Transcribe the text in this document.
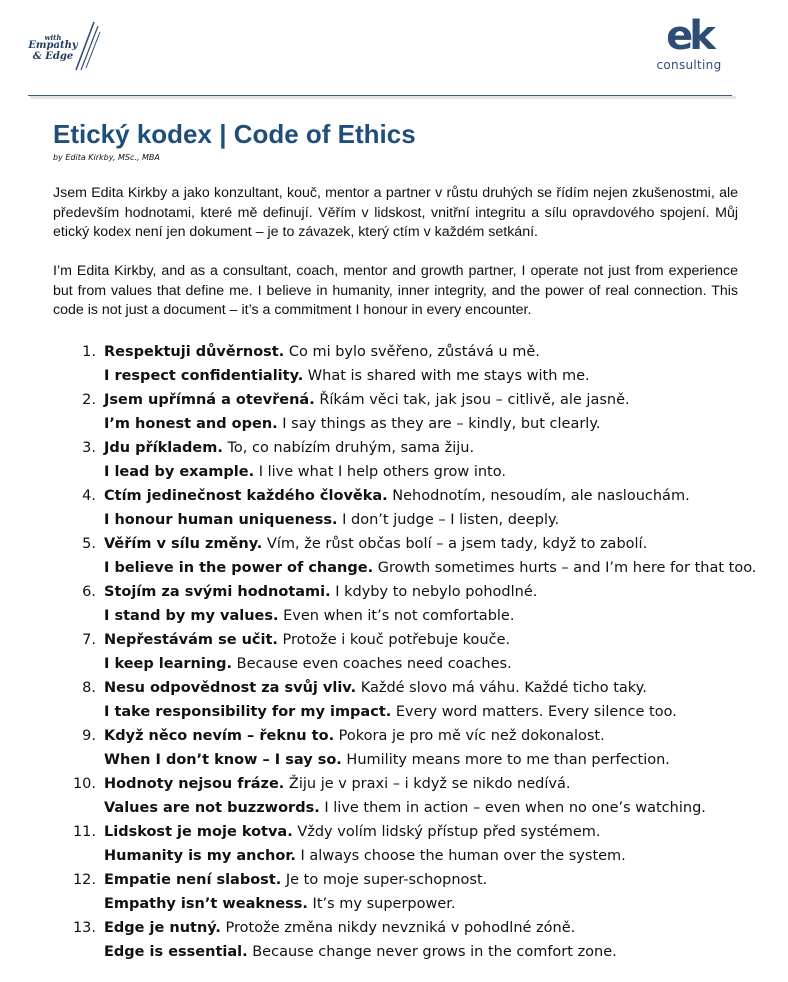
with
Empathy
& Edge	ek
consulting
Etický kodex | Code of Ethics
by Edita Kirkby, MSc., MBA

Jsem Edita Kirkby a jako konzultant, kouč, mentor a partner v růstu druhých se řídím nejen zkušenostmi, ale především hodnotami, které mě definují. Věřím v lidskost, vnitřní integritu a sílu opravdového spojení. Můj etický kodex není jen dokument – je to závazek, který ctím v každém setkání.

I’m Edita Kirkby, and as a consultant, coach, mentor and growth partner, I operate not just from experience but from values that define me. I believe in humanity, inner integrity, and the power of real connection. This code is not just a document – it’s a commitment I honour in every encounter.

1. Respektuji důvěrnost. Co mi bylo svěřeno, zůstává u mě.
I respect confidentiality. What is shared with me stays with me.
2. Jsem upřímná a otevřená. Říkám věci tak, jak jsou – citlivě, ale jasně.
I’m honest and open. I say things as they are – kindly, but clearly.
3. Jdu příkladem. To, co nabízím druhým, sama žiju.
I lead by example. I live what I help others grow into.
4. Ctím jedinečnost každého člověka. Nehodnotím, nesoudím, ale naslouchám.
I honour human uniqueness. I don’t judge – I listen, deeply.
5. Věřím v sílu změny. Vím, že růst občas bolí – a jsem tady, když to zabolí.
I believe in the power of change. Growth sometimes hurts – and I’m here for that too.
6. Stojím za svými hodnotami. I kdyby to nebylo pohodlné.
I stand by my values. Even when it’s not comfortable.
7. Nepřestávám se učit. Protože i kouč potřebuje kouče.
I keep learning. Because even coaches need coaches.
8. Nesu odpovědnost za svůj vliv. Každé slovo má váhu. Každé ticho taky.
I take responsibility for my impact. Every word matters. Every silence too.
9. Když něco nevím – řeknu to. Pokora je pro mě víc než dokonalost.
When I don’t know – I say so. Humility means more to me than perfection.
10. Hodnoty nejsou fráze. Žiju je v praxi – i když se nikdo nedívá.
Values are not buzzwords. I live them in action – even when no one’s watching.
11. Lidskost je moje kotva. Vždy volím lidský přístup před systémem.
Humanity is my anchor. I always choose the human over the system.
12. Empatie není slabost. Je to moje super-schopnost.
Empathy isn’t weakness. It’s my superpower.
13. Edge je nutný. Protože změna nikdy nevzniká v pohodlné zóně.
Edge is essential. Because change never grows in the comfort zone.
